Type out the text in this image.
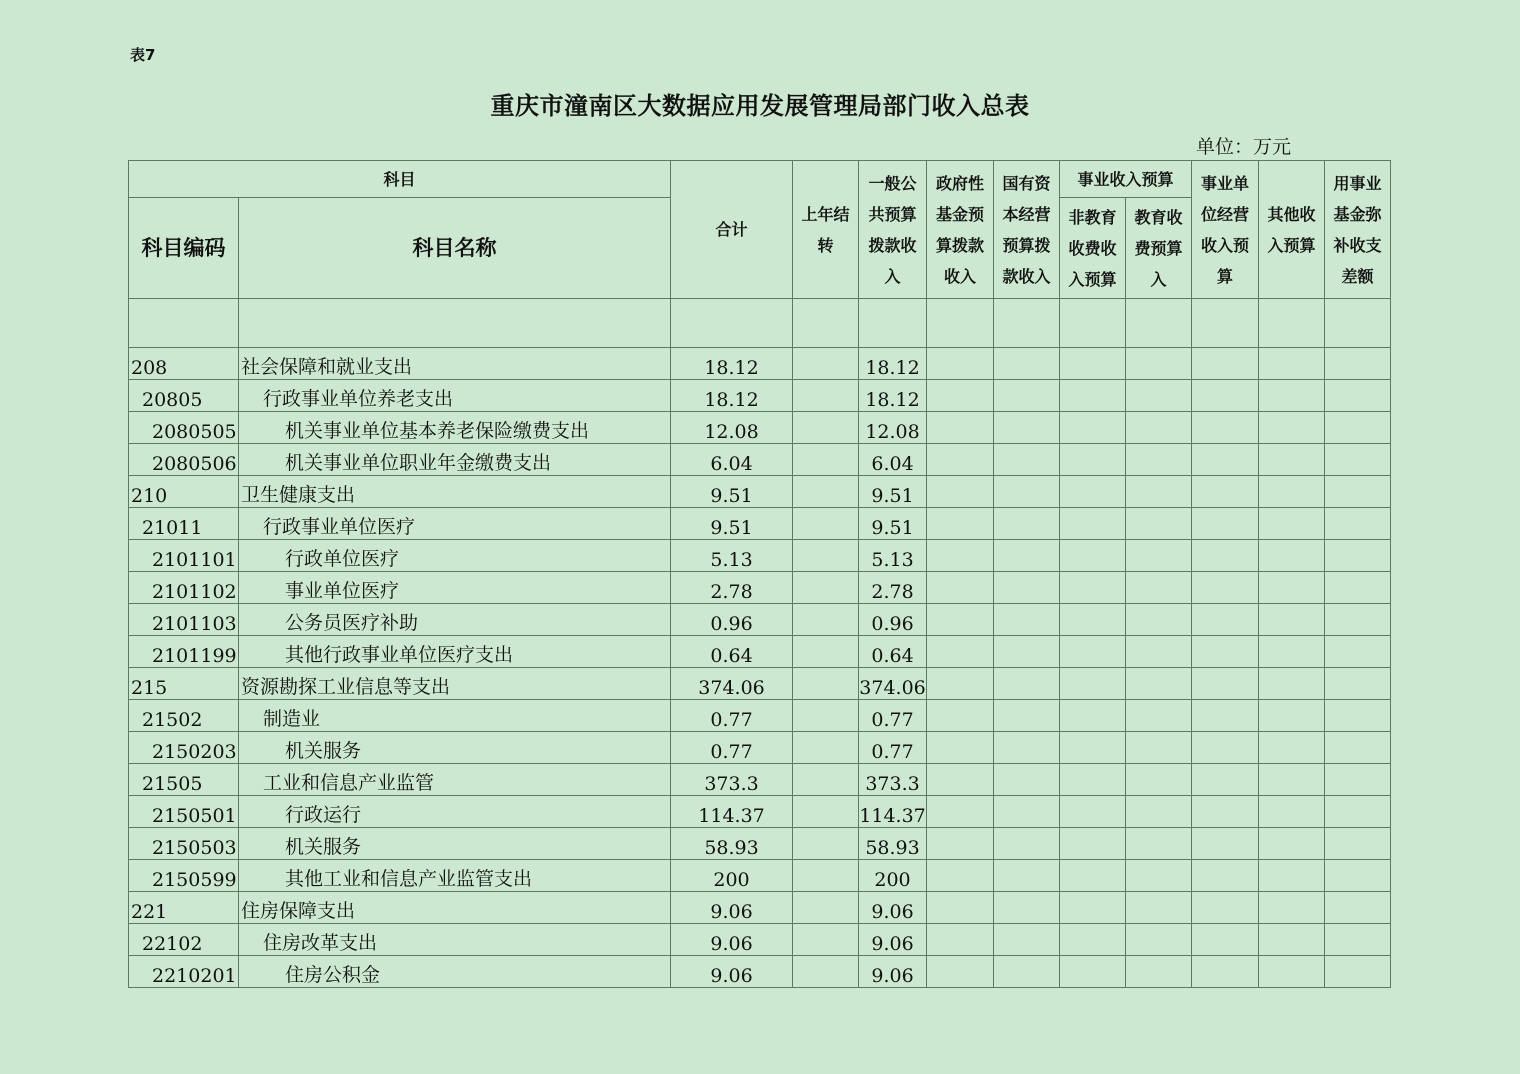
表7
重庆市潼南区大数据应用发展管理局部门收入总表
单位：万元
科目		合计	上年结转	一般公共预算拨款收入	政府性基金预算拨款收入	国有资本经营预算拨款收入	事业收入预算		事业单位经营收入预算	其他收入预算	用事业基金弥补收支差额
科目编码	科目名称						非教育收费收入预算	教育收费预算入			

208	社会保障和就业支出	18.12		18.12							
20805	行政事业单位养老支出	18.12		18.12							
2080505	机关事业单位基本养老保险缴费支出	12.08		12.08							
2080506	机关事业单位职业年金缴费支出	6.04		6.04							
210	卫生健康支出	9.51		9.51							
21011	行政事业单位医疗	9.51		9.51							
2101101	行政单位医疗	5.13		5.13							
2101102	事业单位医疗	2.78		2.78							
2101103	公务员医疗补助	0.96		0.96							
2101199	其他行政事业单位医疗支出	0.64		0.64							
215	资源勘探工业信息等支出	374.06		374.06							
21502	制造业	0.77		0.77							
2150203	机关服务	0.77		0.77							
21505	工业和信息产业监管	373.3		373.3							
2150501	行政运行	114.37		114.37							
2150503	机关服务	58.93		58.93							
2150599	其他工业和信息产业监管支出	200		200							
221	住房保障支出	9.06		9.06							
22102	住房改革支出	9.06		9.06							
2210201	住房公积金	9.06		9.06							
